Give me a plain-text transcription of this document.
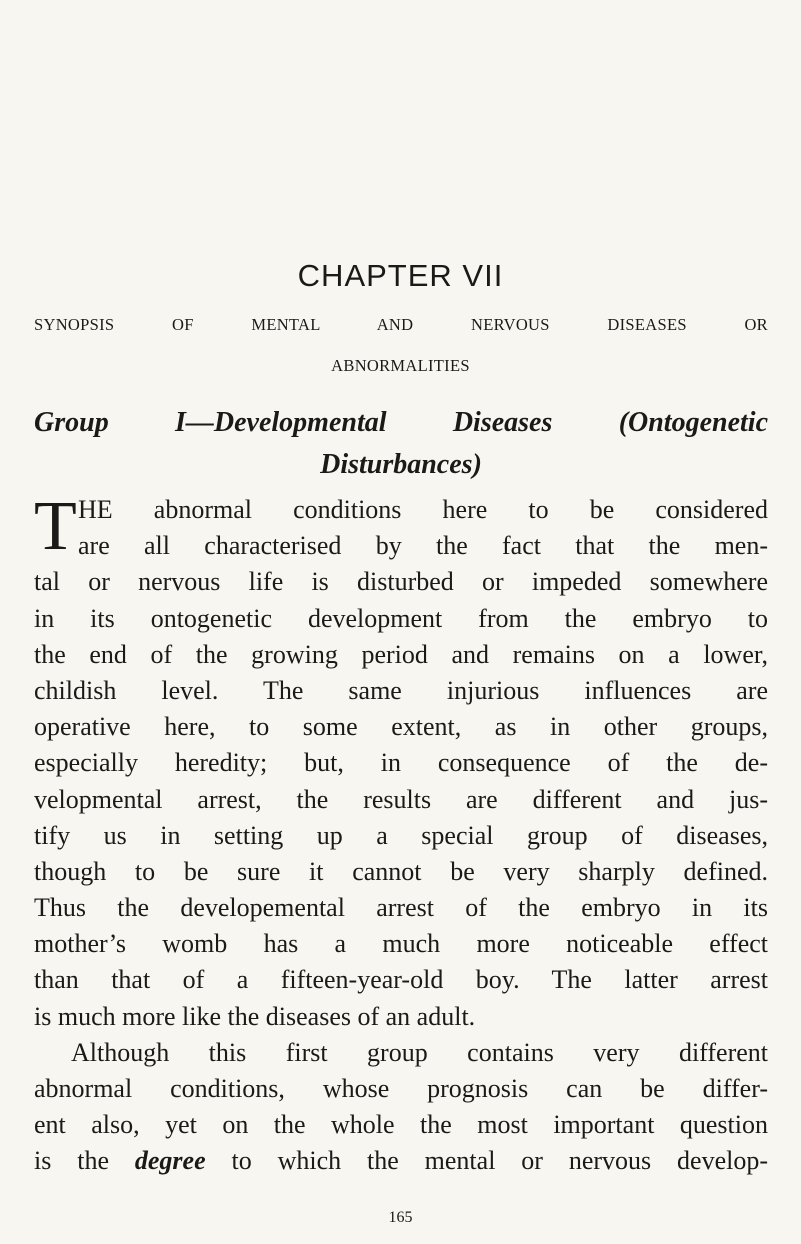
CHAPTER VII
SYNOPSIS OF MENTAL AND NERVOUS DISEASES OR
ABNORMALITIES
Group I—Developmental Diseases (Ontogenetic
Disturbances)
T HE abnormal conditions here to be considered
are all characterised by the fact that the men-
tal or nervous life is disturbed or impeded somewhere
in its ontogenetic development from the embryo to
the end of the growing period and remains on a lower,
childish level. The same injurious influences are
operative here, to some extent, as in other groups,
especially heredity; but, in consequence of the de-
velopmental arrest, the results are different and jus-
tify us in setting up a special group of diseases,
though to be sure it cannot be very sharply defined.
Thus the developemental arrest of the embryo in its
mother’s womb has a much more noticeable effect
than that of a fifteen-year-old boy. The latter arrest
is much more like the diseases of an adult.
Although this first group contains very different
abnormal conditions, whose prognosis can be differ-
ent also, yet on the whole the most important question
is the degree to which the mental or nervous develop-
165
